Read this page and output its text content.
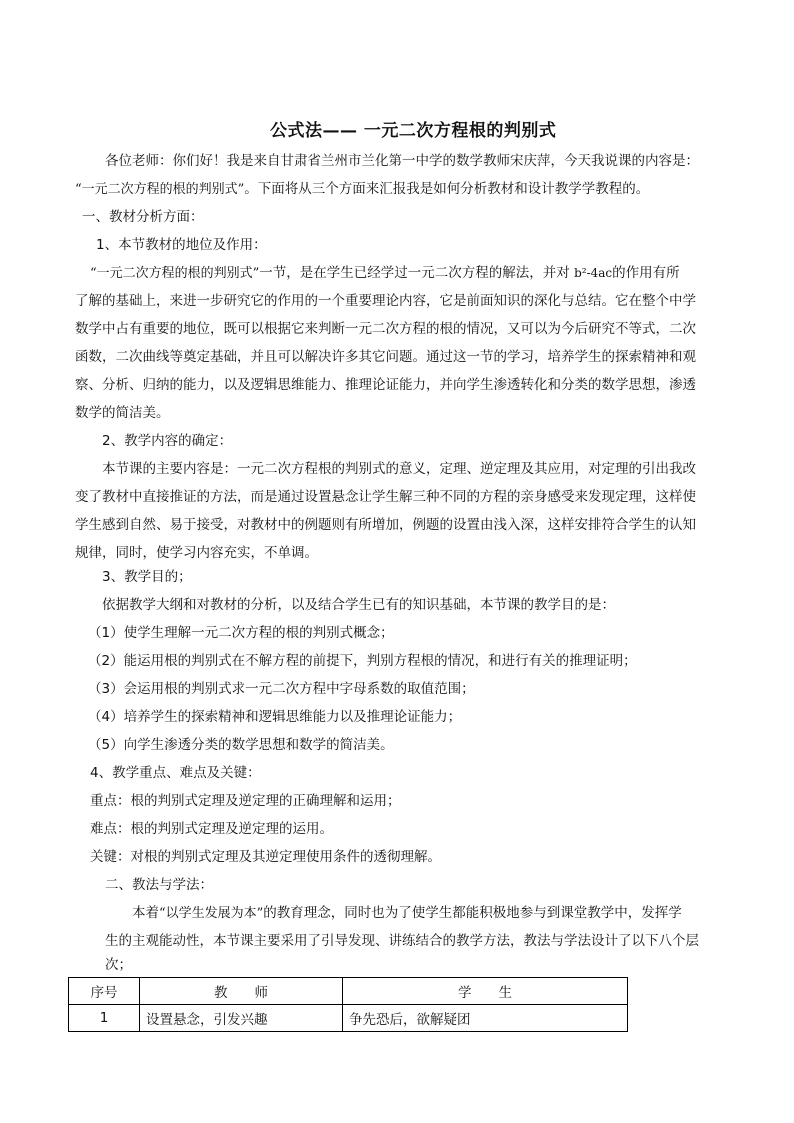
公式法—— 一元二次方程根的判别式
各位老师：你们好！我是来自甘肃省兰州市兰化第一中学的数学教师宋庆萍，今天我说课的内容是：
“一元二次方程的根的判别式”。下面将从三个方面来汇报我是如何分析教材和设计教学学教程的。
一、教材分析方面：
1、本节教材的地位及作用：
“一元二次方程的根的判别式”一节，是在学生已经学过一元二次方程的解法，并对 b²-4ac的作用有所
了解的基础上，来进一步研究它的作用的一个重要理论内容，它是前面知识的深化与总结。它在整个中学
数学中占有重要的地位，既可以根据它来判断一元二次方程的根的情况，又可以为今后研究不等式，二次
函数，二次曲线等奠定基础，并且可以解决许多其它问题。通过这一节的学习，培养学生的探索精神和观
察、分析、归纳的能力，以及逻辑思维能力、推理论证能力，并向学生渗透转化和分类的数学思想，渗透
数学的简洁美。
2、教学内容的确定：
本节课的主要内容是：一元二次方程根的判别式的意义，定理、逆定理及其应用，对定理的引出我改
变了教材中直接推证的方法，而是通过设置悬念让学生解三种不同的方程的亲身感受来发现定理，这样使
学生感到自然、易于接受，对教材中的例题则有所增加，例题的设置由浅入深，这样安排符合学生的认知
规律，同时，使学习内容充实，不单调。
3、教学目的；
依据教学大纲和对教材的分析，以及结合学生已有的知识基础，本节课的教学目的是：
（1）使学生理解一元二次方程的根的判别式概念；
（2）能运用根的判别式在不解方程的前提下，判别方程根的情况，和进行有关的推理证明；
（3）会运用根的判别式求一元二次方程中字母系数的取值范围；
（4）培养学生的探索精神和逻辑思维能力以及推理论证能力；
（5）向学生渗透分类的数学思想和数学的简洁美。
4、教学重点、难点及关键：
重点：根的判别式定理及逆定理的正确理解和运用；
难点：根的判别式定理及逆定理的运用。
关键：对根的判别式定理及其逆定理使用条件的透彻理解。
二、教法与学法：
本着“以学生发展为本”的教育理念，同时也为了使学生都能积极地参与到课堂教学中，发挥学
生的主观能动性，本节课主要采用了引导发现、讲练结合的教学方法，教法与学法设计了以下八个层
次；
序号	教　　师	学　　生
1	设置悬念，引发兴趣	争先恐后，欲解疑团
